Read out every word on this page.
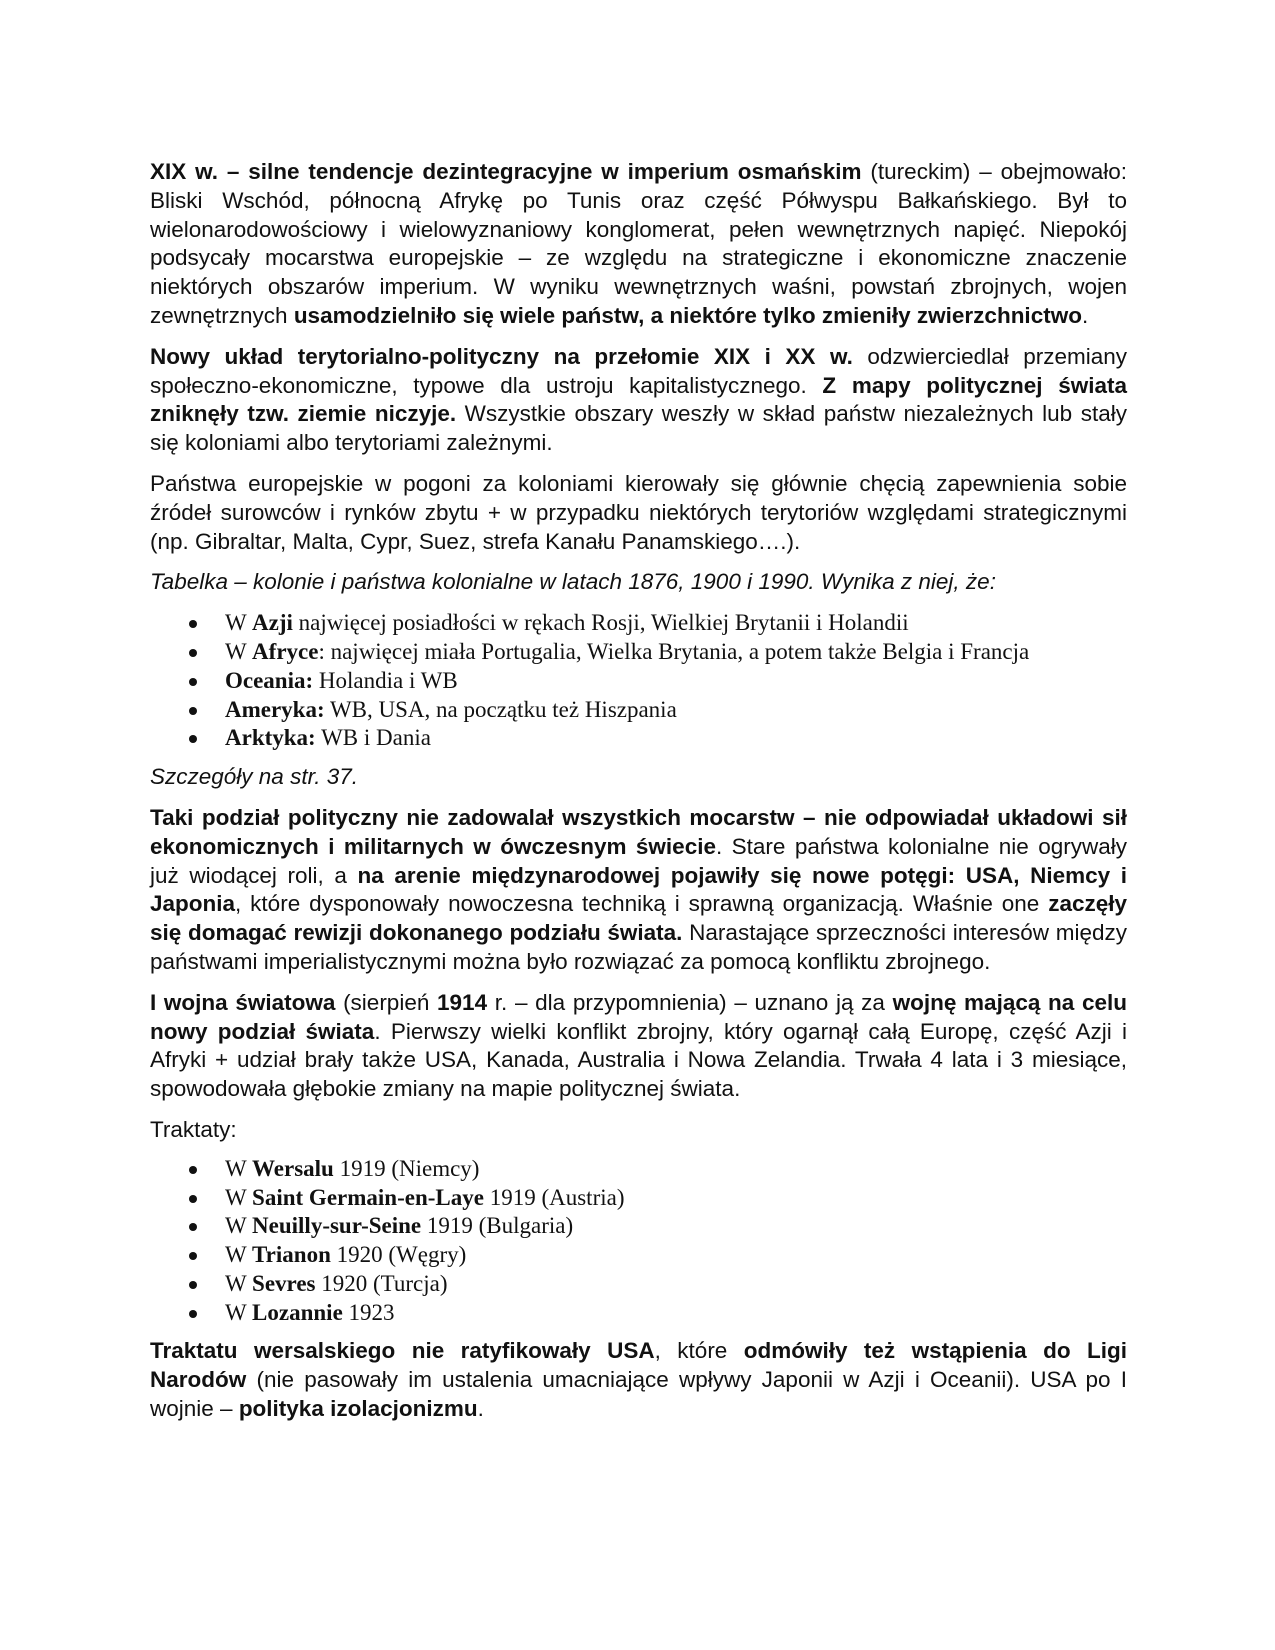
XIX w. – silne tendencje dezintegracyjne w imperium osmańskim (tureckim) – obejmowało: Bliski Wschód, północną Afrykę po Tunis oraz część Półwyspu Bałkańskiego. Był to wielonarodowościowy i wielowyznaniowy konglomerat, pełen wewnętrznych napięć. Niepokój podsycały mocarstwa europejskie – ze względu na strategiczne i ekonomiczne znaczenie niektórych obszarów imperium. W wyniku wewnętrznych waśni, powstań zbrojnych, wojen zewnętrznych usamodzielniło się wiele państw, a niektóre tylko zmieniły zwierzchnictwo.

Nowy układ terytorialno-polityczny na przełomie XIX i XX w. odzwierciedlał przemiany społeczno-ekonomiczne, typowe dla ustroju kapitalistycznego. Z mapy politycznej świata zniknęły tzw. ziemie niczyje. Wszystkie obszary weszły w skład państw niezależnych lub stały się koloniami albo terytoriami zależnymi.

Państwa europejskie w pogoni za koloniami kierowały się głównie chęcią zapewnienia sobie źródeł surowców i rynków zbytu + w przypadku niektórych terytoriów względami strategicznymi (np. Gibraltar, Malta, Cypr, Suez, strefa Kanału Panamskiego….).

Tabelka – kolonie i państwa kolonialne w latach 1876, 1900 i 1990. Wynika z niej, że:

W Azji najwięcej posiadłości w rękach Rosji, Wielkiej Brytanii i Holandii
W Afryce: najwięcej miała Portugalia, Wielka Brytania, a potem także Belgia i Francja
Oceania: Holandia i WB
Ameryka: WB, USA, na początku też Hiszpania
Arktyka: WB i Dania

Szczegóły na str. 37.

Taki podział polityczny nie zadowalał wszystkich mocarstw – nie odpowiadał układowi sił ekonomicznych i militarnych w ówczesnym świecie. Stare państwa kolonialne nie ogrywały już wiodącej roli, a na arenie międzynarodowej pojawiły się nowe potęgi: USA, Niemcy i Japonia, które dysponowały nowoczesna techniką i sprawną organizacją. Właśnie one zaczęły się domagać rewizji dokonanego podziału świata. Narastające sprzeczności interesów między państwami imperialistycznymi można było rozwiązać za pomocą konfliktu zbrojnego.

I wojna światowa (sierpień 1914 r. – dla przypomnienia) – uznano ją za wojnę mającą na celu nowy podział świata. Pierwszy wielki konflikt zbrojny, który ogarnął całą Europę, część Azji i Afryki + udział brały także USA, Kanada, Australia i Nowa Zelandia. Trwała 4 lata i 3 miesiące, spowodowała głębokie zmiany na mapie politycznej świata.

Traktaty:

W Wersalu 1919 (Niemcy)
W Saint Germain-en-Laye 1919 (Austria)
W Neuilly-sur-Seine 1919 (Bulgaria)
W Trianon 1920 (Węgry)
W Sevres 1920 (Turcja)
W Lozannie 1923

Traktatu wersalskiego nie ratyfikowały USA, które odmówiły też wstąpienia do Ligi Narodów (nie pasowały im ustalenia umacniające wpływy Japonii w Azji i Oceanii). USA po I wojnie – polityka izolacjonizmu.
